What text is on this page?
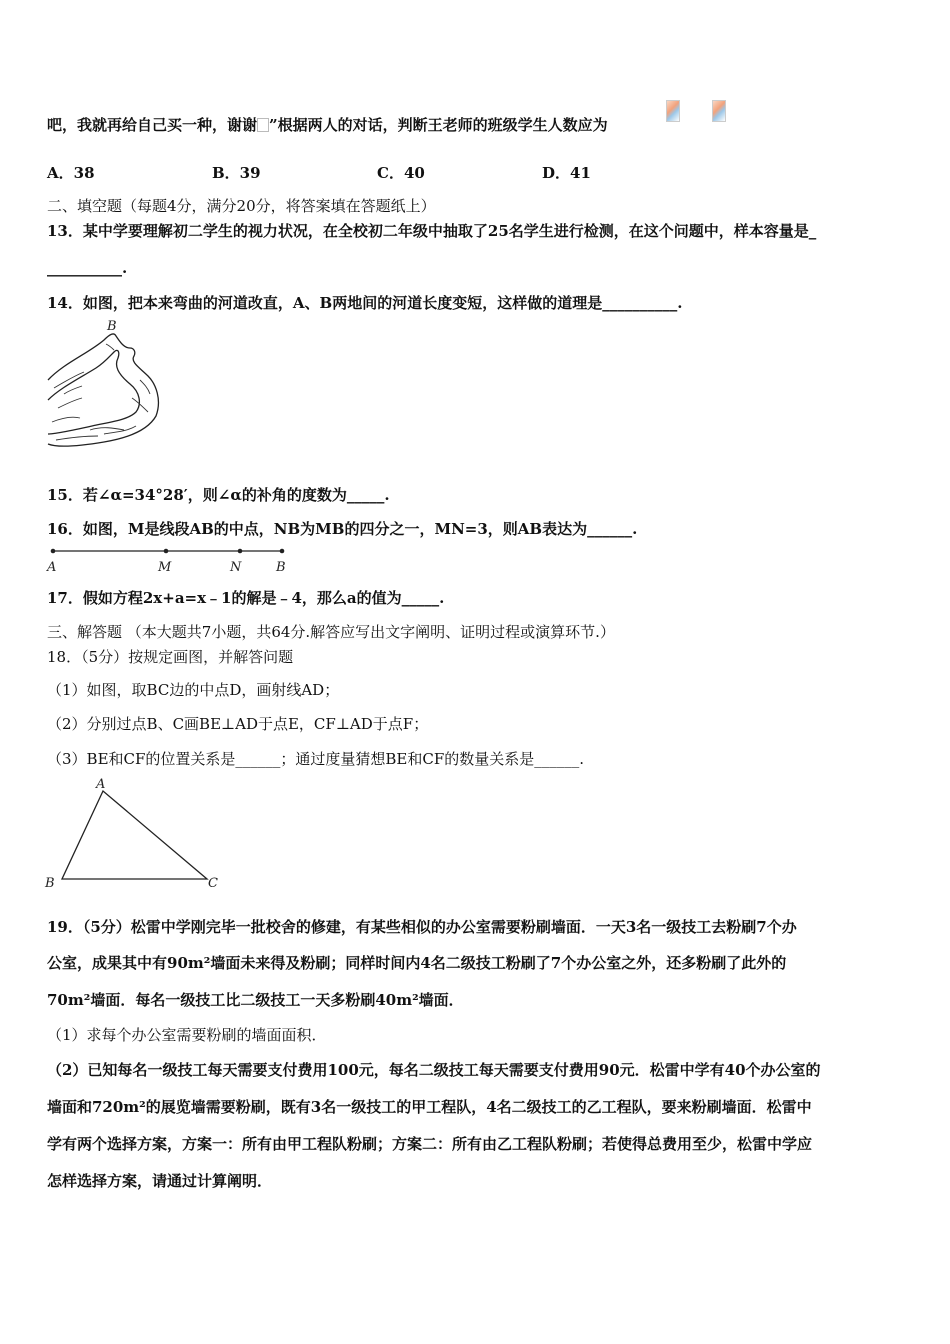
吧，我就再给自己买一种，谢谢 ”根据两人的对话，判断王老师的班级学生人数应为
A．38	B．39	C．40	D．41
二、填空题（每题4分，满分20分，将答案填在答题纸上）
13．某中学要理解初二学生的视力状况，在全校初二年级中抽取了25名学生进行检测，在这个问题中，样本容量是_
__________.
14．如图，把本来弯曲的河道改直，A、B两地间的河道长度变短，这样做的道理是__________.
B
15．若∠α=34°28′，则∠α的补角的度数为_____.
16．如图，M是线段AB的中点，NB为MB的四分之一，MN=3，则AB表达为______.
A	M	N	B
17．假如方程2x+a=x﹣1的解是﹣4，那么a的值为_____.
三、解答题 （本大题共7小题，共64分.解答应写出文字阐明、证明过程或演算环节.）
18．（5分）按规定画图，并解答问题
（1）如图，取BC边的中点D，画射线AD；
（2）分别过点B、C画BE⊥AD于点E，CF⊥AD于点F；
（3）BE和CF的位置关系是______；通过度量猜想BE和CF的数量关系是______.
A
B	C
19．（5分）松雷中学刚完毕一批校舍的修建，有某些相似的办公室需要粉刷墙面．一天3名一级技工去粉刷7个办
公室，成果其中有90m²墙面未来得及粉刷；同样时间内4名二级技工粉刷了7个办公室之外，还多粉刷了此外的
70m²墙面．每名一级技工比二级技工一天多粉刷40m²墙面．
（1）求每个办公室需要粉刷的墙面面积．
（2）已知每名一级技工每天需要支付费用100元，每名二级技工每天需要支付费用90元．松雷中学有40个办公室的
墙面和720m²的展览墙需要粉刷，既有3名一级技工的甲工程队，4名二级技工的乙工程队，要来粉刷墙面．松雷中
学有两个选择方案，方案一：所有由甲工程队粉刷；方案二：所有由乙工程队粉刷；若使得总费用至少，松雷中学应
怎样选择方案，请通过计算阐明．
